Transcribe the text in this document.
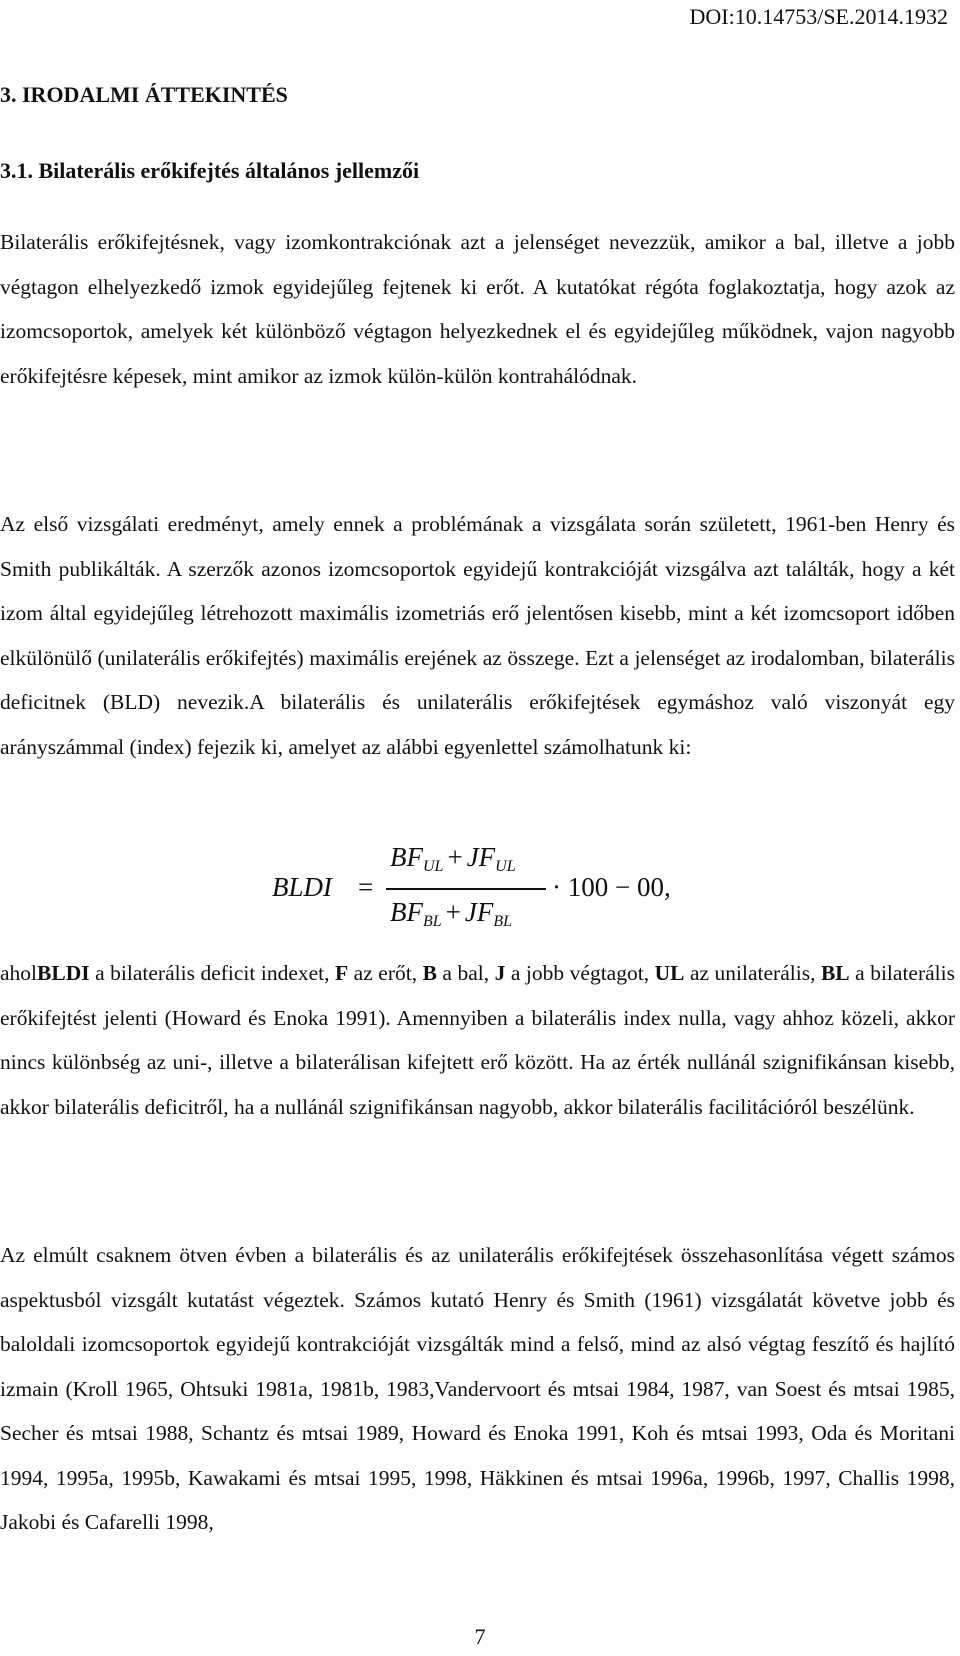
DOI:10.14753/SE.2014.1932
3. IRODALMI ÁTTEKINTÉS
3.1. Bilaterális erőkifejtés általános jellemzői

Bilaterális erőkifejtésnek, vagy izomkontrakciónak azt a jelenséget nevezzük, amikor a bal, illetve a jobb végtagon elhelyezkedő izmok egyidejűleg fejtenek ki erőt. A kutatókat régóta foglakoztatja, hogy azok az izomcsoportok, amelyek két különböző végtagon helyezkednek el és egyidejűleg működnek, vajon nagyobb erőkifejtésre képesek, mint amikor az izmok külön-külön kontrahálódnak.

Az első vizsgálati eredményt, amely ennek a problémának a vizsgálata során született, 1961-ben Henry és Smith publikálták. A szerzők azonos izomcsoportok egyidejű kontrakcióját vizsgálva azt találták, hogy a két izom által egyidejűleg létrehozott maximális izometriás erő jelentősen kisebb, mint a két izomcsoport időben elkülönülő (unilaterális erőkifejtés) maximális erejének az összege. Ezt a jelenséget az irodalomban, bilaterális deficitnek (BLD) nevezik.A bilaterális és unilaterális erőkifejtések egymáshoz való viszonyát egy arányszámmal (index) fejezik ki, amelyet az alábbi egyenlettel számolhatunk ki:

BLDI =
$BF_{UL} + JF_{UL}$
$BF_{BL} + JF_{BL}$
· 100 − 00,

aholBLDI a bilaterális deficit indexet, F az erőt, B a bal, J a jobb végtagot, UL az unilaterális, BL a bilaterális erőkifejtést jelenti (Howard és Enoka 1991). Amennyiben a bilaterális index nulla, vagy ahhoz közeli, akkor nincs különbség az uni-, illetve a bilaterálisan kifejtett erő között. Ha az érték nullánál szignifikánsan kisebb, akkor bilaterális deficitről, ha a nullánál szignifikánsan nagyobb, akkor bilaterális facilitációról beszélünk.

Az elmúlt csaknem ötven évben a bilaterális és az unilaterális erőkifejtések összehasonlítása végett számos aspektusból vizsgált kutatást végeztek. Számos kutató Henry és Smith (1961) vizsgálatát követve jobb és baloldali izomcsoportok egyidejű kontrakcióját vizsgálták mind a felső, mind az alsó végtag feszítő és hajlító izmain (Kroll 1965, Ohtsuki 1981a, 1981b, 1983,Vandervoort és mtsai 1984, 1987, van Soest és mtsai 1985, Secher és mtsai 1988, Schantz és mtsai 1989, Howard és Enoka 1991, Koh és mtsai 1993, Oda és Moritani 1994, 1995a, 1995b, Kawakami és mtsai 1995, 1998, Häkkinen és mtsai 1996a, 1996b, 1997, Challis 1998, Jakobi és Cafarelli 1998,

7
